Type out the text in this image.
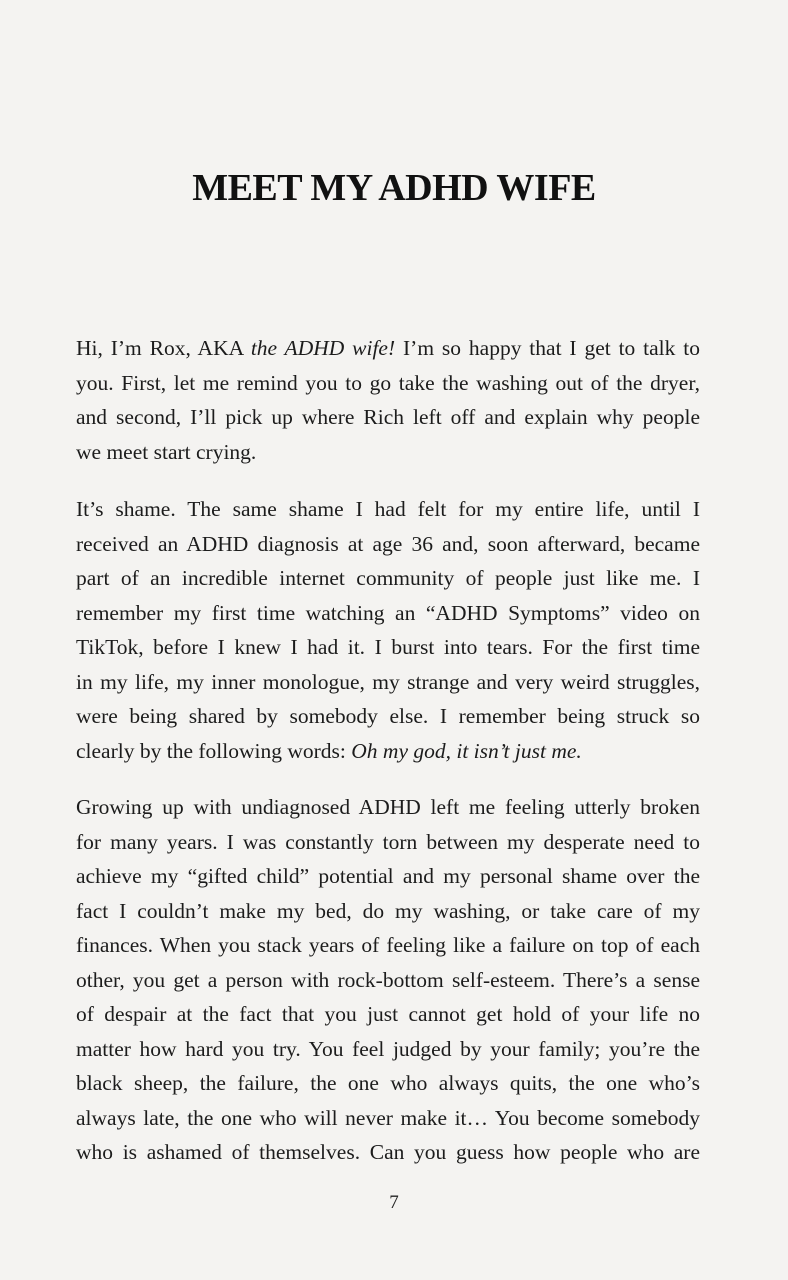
MEET MY ADHD WIFE
Hi, I’m Rox, AKA the ADHD wife! I’m so happy that I get to talk to
you. First, let me remind you to go take the washing out of the dryer,
and second, I’ll pick up where Rich left off and explain why people
we meet start crying.
It’s shame. The same shame I had felt for my entire life, until I
received an ADHD diagnosis at age 36 and, soon afterward, became
part of an incredible internet community of people just like me. I
remember my first time watching an “ADHD Symptoms” video on
TikTok, before I knew I had it. I burst into tears. For the first time
in my life, my inner monologue, my strange and very weird struggles,
were being shared by somebody else. I remember being struck so
clearly by the following words: Oh my god, it isn’t just me.
Growing up with undiagnosed ADHD left me feeling utterly broken
for many years. I was constantly torn between my desperate need to
achieve my “gifted child” potential and my personal shame over the
fact I couldn’t make my bed, do my washing, or take care of my
finances. When you stack years of feeling like a failure on top of each
other, you get a person with rock-bottom self-esteem. There’s a sense
of despair at the fact that you just cannot get hold of your life no
matter how hard you try. You feel judged by your family; you’re the
black sheep, the failure, the one who always quits, the one who’s
always late, the one who will never make it… You become somebody
who is ashamed of themselves. Can you guess how people who are
7
